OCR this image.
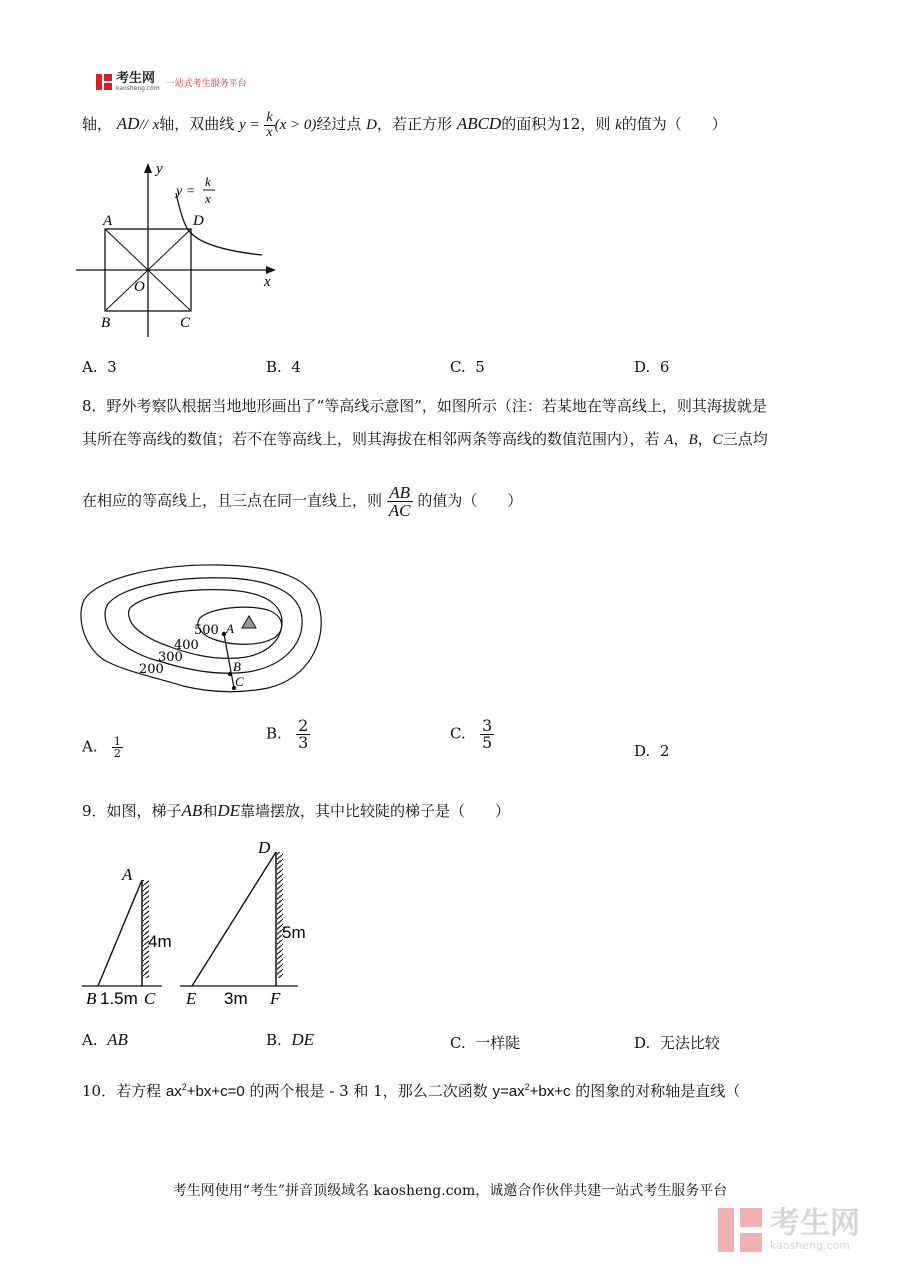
考生网
kaosheng.com 一站式考生服务平台
轴， AD// x轴，双曲线 $y = \frac{k}{x} (x > 0)$经过点 D，若正方形 ABCD的面积为12，则 k的值为（　　）
y
x
O
A	D
B	C
y =
k
x
A. 3	B. 4	C. 5	D. 6
8．野外考察队根据当地地形画出了“等高线示意图”，如图所示（注：若某地在等高线上，则其海拔就是
其所在等高线的数值；若不在等高线上，则其海拔在相邻两条等高线的数值范围内），若 A，B，C三点均
在相应的等高线上，且三点在同一直线上，则 $\frac{AB}{AC}$ 的值为（　　）
500
400
300
200
A
B
C
A. $\frac{1}{2}$
B. $\frac{2}{3}$	C. $\frac{3}{5}$	D. 2
9．如图，梯子AB和DE靠墙摆放，其中比较陡的梯子是（　　）
A
B	C
4m
1.5m
D
E	F
5m
3m
A. AB	B. DE	C. 一样陡	D. 无法比较
10．若方程 $ax^2+bx+c=0$ 的两个根是 - 3 和 1，那么二次函数 $y=ax^2+bx+c$ 的图象的对称轴是直线（
考生网使用“考生”拼音顶级域名 kaosheng.com，诚邀合作伙伴共建一站式考生服务平台
考生网
kaosheng.com
